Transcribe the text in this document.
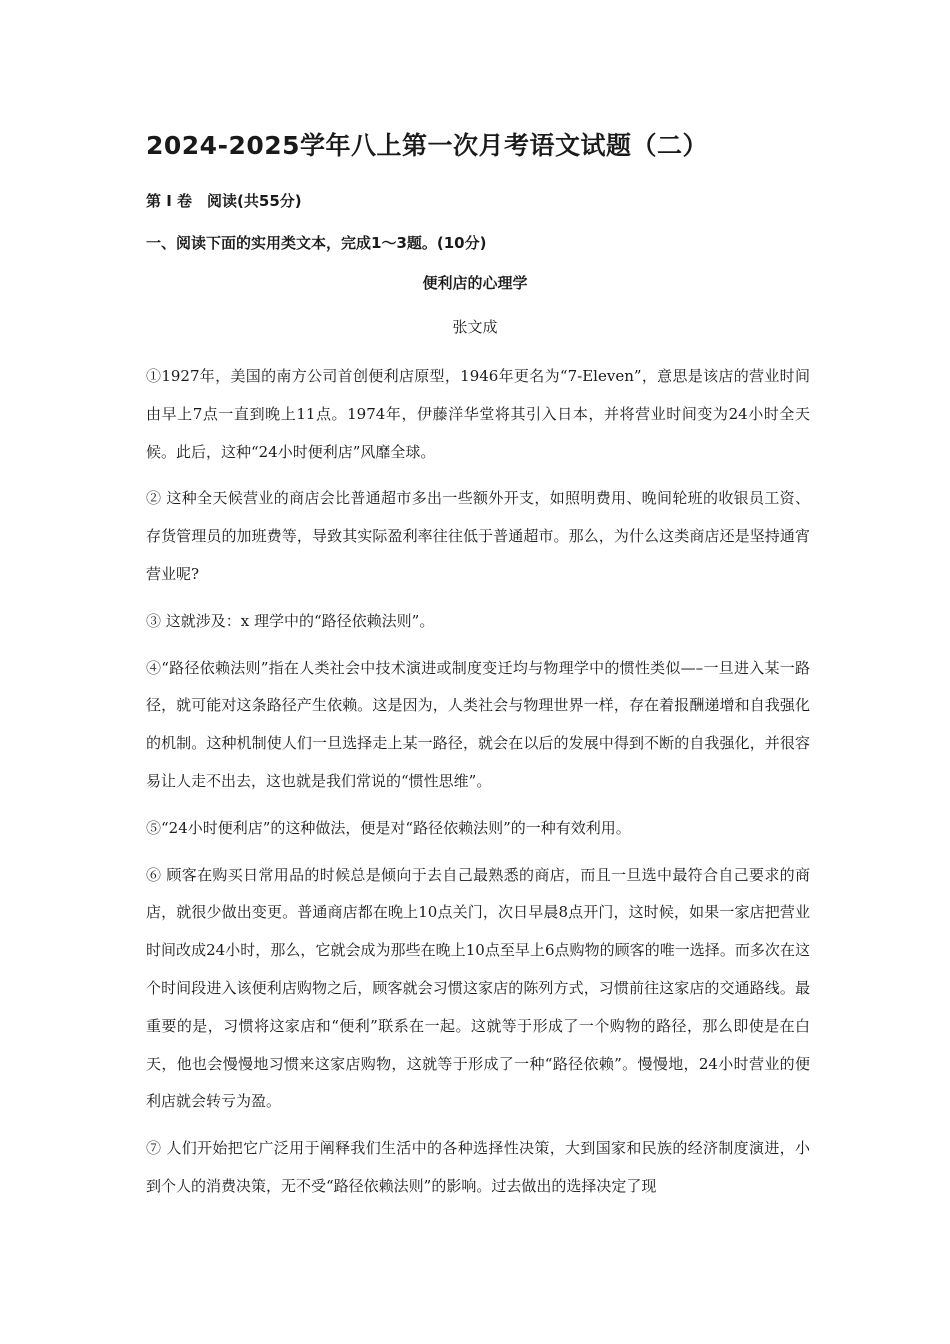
2024-2025学年八上第一次月考语文试题（二）
第 I 卷　阅读(共55分)
一、阅读下面的实用类文本，完成1～3题。(10分)
便利店的心理学
张文成

①1927年，美国的南方公司首创便利店原型，1946年更名为“7-Eleven”，意思是该店的营业时间由早上7点一直到晚上11点。1974年，伊藤洋华堂将其引入日本，并将营业时间变为24小时全天候。此后，这种“24小时便利店”风靡全球。

② 这种全天候营业的商店会比普通超市多出一些额外开支，如照明费用、晚间轮班的收银员工资、存货管理员的加班费等，导致其实际盈利率往往低于普通超市。那么，为什么这类商店还是坚持通宵营业呢?

③ 这就涉及：x 理学中的“路径依赖法则”。

④“路径依赖法则”指在人类社会中技术演进或制度变迁均与物理学中的惯性类似—–一旦进入某一路径，就可能对这条路径产生依赖。这是因为，人类社会与物理世界一样，存在着报酬递增和自我强化的机制。这种机制使人们一旦选择走上某一路径，就会在以后的发展中得到不断的自我强化，并很容易让人走不出去，这也就是我们常说的“惯性思维”。

⑤“24小时便利店”的这种做法，便是对“路径依赖法则”的一种有效利用。

⑥ 顾客在购买日常用品的时候总是倾向于去自己最熟悉的商店，而且一旦选中最符合自己要求的商店，就很少做出变更。普通商店都在晚上10点关门，次日早晨8点开门，这时候，如果一家店把营业时间改成24小时，那么，它就会成为那些在晚上10点至早上6点购物的顾客的唯一选择。而多次在这个时间段进入该便利店购物之后，顾客就会习惯这家店的陈列方式，习惯前往这家店的交通路线。最重要的是，习惯将这家店和“便利”联系在一起。这就等于形成了一个购物的路径，那么即使是在白天，他也会慢慢地习惯来这家店购物，这就等于形成了一种“路径依赖”。慢慢地，24小时营业的便利店就会转亏为盈。

⑦ 人们开始把它广泛用于阐释我们生活中的各种选择性决策，大到国家和民族的经济制度演进，小到个人的消费决策，无不受“路径依赖法则”的影响。过去做出的选择决定了现
